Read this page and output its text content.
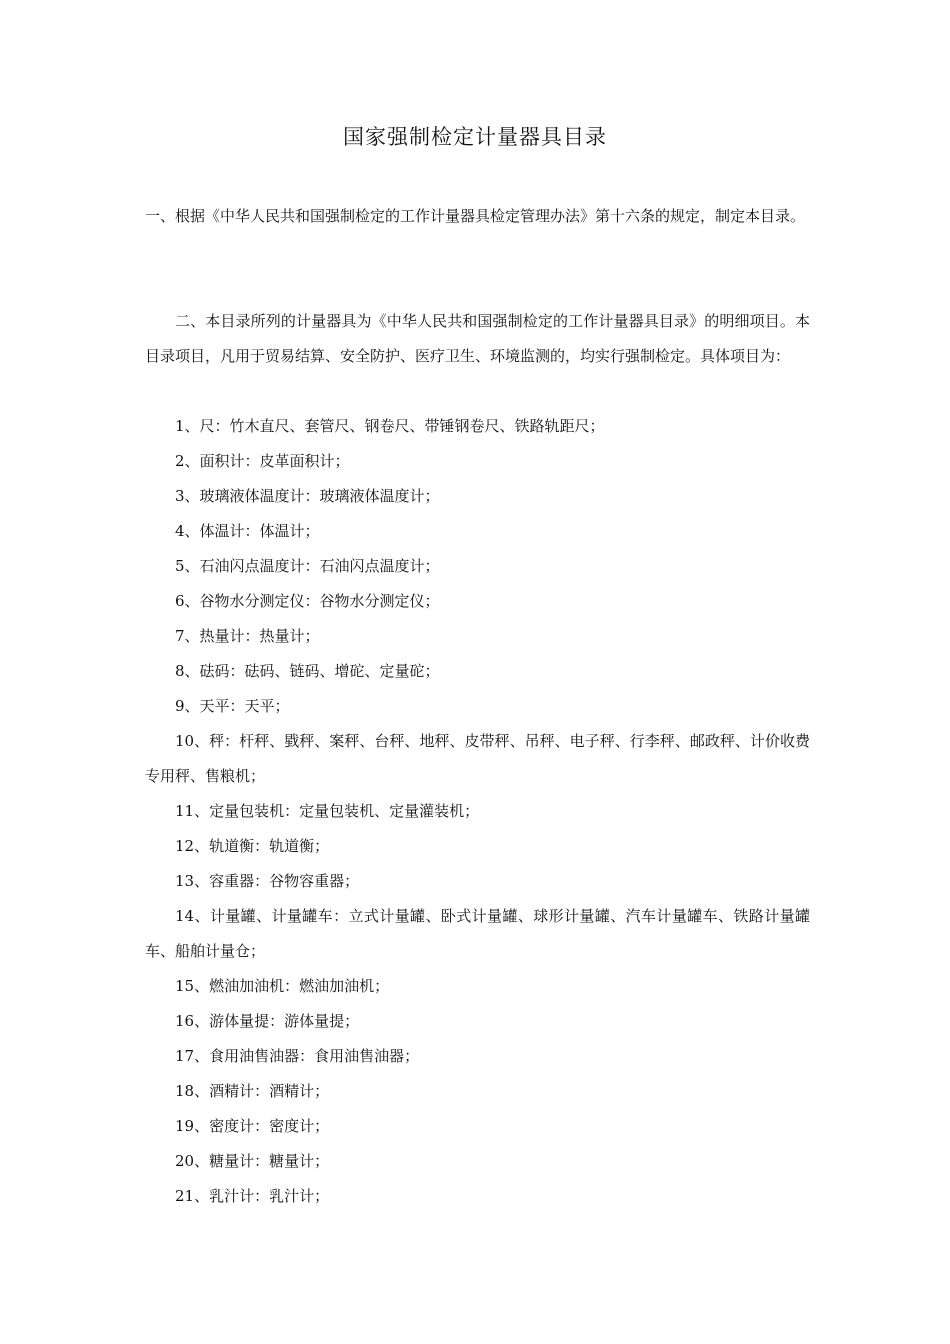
国家强制检定计量器具目录

一、根据《中华人民共和国强制检定的工作计量器具检定管理办法》第十六条的规定，制定本目录。

二、本目录所列的计量器具为《中华人民共和国强制检定的工作计量器具目录》的明细项目。本目录项目，凡用于贸易结算、安全防护、医疗卫生、环境监测的，均实行强制检定。具体项目为：

1、尺：竹木直尺、套管尺、钢卷尺、带锤钢卷尺、铁路轨距尺；
2、面积计：皮革面积计；
3、玻璃液体温度计：玻璃液体温度计；
4、体温计：体温计；
5、石油闪点温度计：石油闪点温度计；
6、谷物水分测定仪：谷物水分测定仪；
7、热量计：热量计；
8、砝码：砝码、链码、增砣、定量砣；
9、天平：天平；
10、秤：杆秤、戥秤、案秤、台秤、地秤、皮带秤、吊秤、电子秤、行李秤、邮政秤、计价收费专用秤、售粮机；
11、定量包装机：定量包装机、定量灌装机；
12、轨道衡：轨道衡；
13、容重器：谷物容重器；
14、计量罐、计量罐车：立式计量罐、卧式计量罐、球形计量罐、汽车计量罐车、铁路计量罐车、船舶计量仓；
15、燃油加油机：燃油加油机；
16、游体量提：游体量提；
17、食用油售油器：食用油售油器；
18、酒精计：酒精计；
19、密度计：密度计；
20、糖量计：糖量计；
21、乳汁计：乳汁计；
